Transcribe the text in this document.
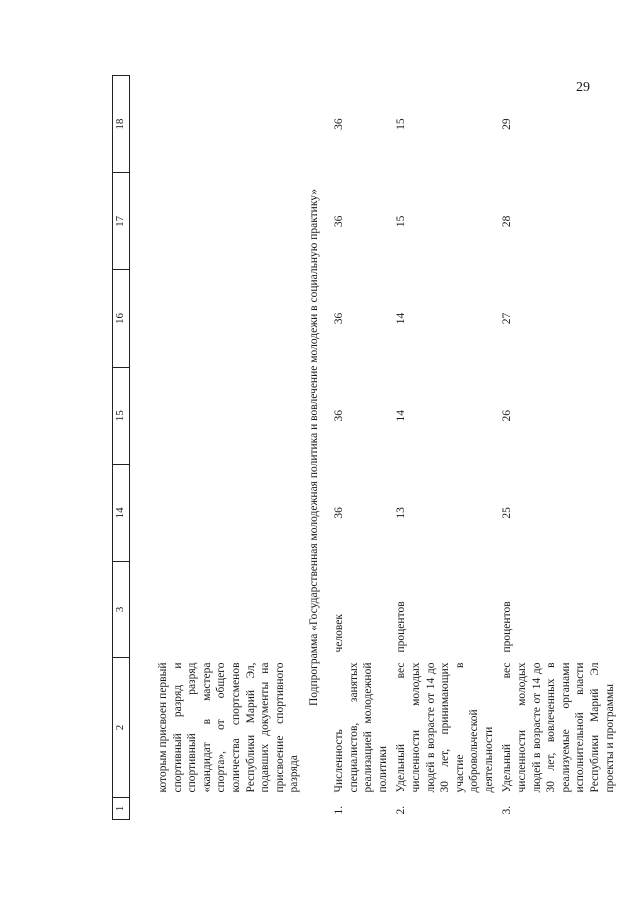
29
1	2	3	14	15	16	17	18
	которым присвоен первый спортивный разряд и спортивный разряд «кандидат в мастера спорта», от общего количества спортсменов Республики Марий Эл, подавших документы на присвоение спортивного разряда						
Подпрограмма «Государственная молодежная политика и вовлечение молодежи в социальную практику»							
1.	Численность специалистов, занятых реализацией молодежной политики	человек	36	36	36	36	36
2.	Удельный вес численности молодых людей в возрасте от 14 до 30 лет, принимающих участие в добровольческой деятельности	процентов	13	14	14	15	15
3.	Удельный вес численности молодых людей в возрасте от 14 до 30 лет, вовлеченных в реализуемые органами исполнительной власти Республики Марий Эл проекты и программы	процентов	25	26	27	28	29
